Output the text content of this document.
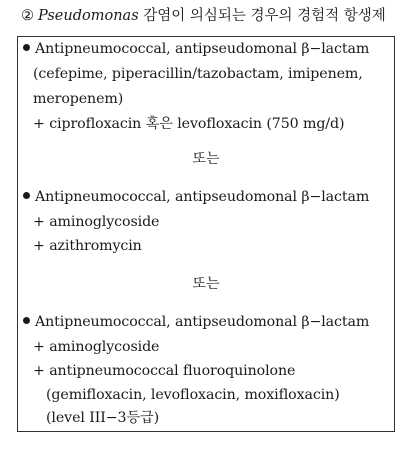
② Pseudomonas 감염이 의심되는 경우의 경험적 항생제
Antipneumococcal, antipseudomonal β−lactam
(cefepime, piperacillin/tazobactam, imipenem,
meropenem)
+ ciprofloxacin 혹은 levofloxacin (750 mg/d)
또는
Antipneumococcal, antipseudomonal β−lactam
+ aminoglycoside
+ azithromycin
또는
Antipneumococcal, antipseudomonal β−lactam
+ aminoglycoside
+ antipneumococcal fluoroquinolone
(gemifloxacin, levofloxacin, moxifloxacin)
(level III−3등급)
